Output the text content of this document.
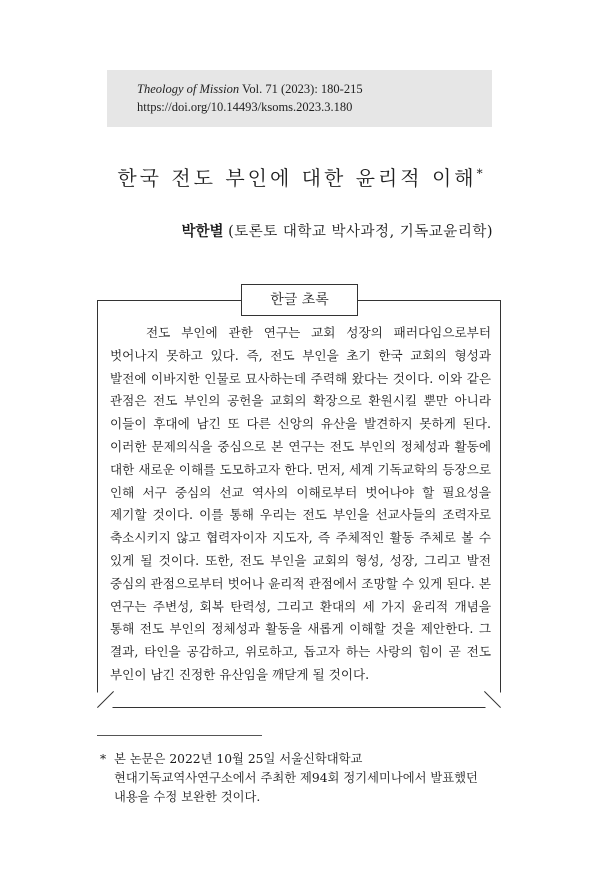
Theology of Mission Vol. 71 (2023): 180-215
https://doi.org/10.14493/ksoms.2023.3.180
한국 전도 부인에 대한 윤리적 이해*
박한별 (토론토 대학교 박사과정, 기독교윤리학)
한글 초록
전도 부인에 관한 연구는 교회 성장의 패러다임으로부터 벗어나지 못하고 있다. 즉, 전도 부인을 초기 한국 교회의 형성과 발전에 이바지한 인물로 묘사하는데 주력해 왔다는 것이다. 이와 같은 관점은 전도 부인의 공헌을 교회의 확장으로 환원시킬 뿐만 아니라 이들이 후대에 남긴 또 다른 신앙의 유산을 발견하지 못하게 된다. 이러한 문제의식을 중심으로 본 연구는 전도 부인의 정체성과 활동에 대한 새로운 이해를 도모하고자 한다. 먼저, 세계 기독교학의 등장으로 인해 서구 중심의 선교 역사의 이해로부터 벗어나야 할 필요성을 제기할 것이다. 이를 통해 우리는 전도 부인을 선교사들의 조력자로 축소시키지 않고 협력자이자 지도자, 즉 주체적인 활동 주체로 볼 수 있게 될 것이다. 또한, 전도 부인을 교회의 형성, 성장, 그리고 발전 중심의 관점으로부터 벗어나 윤리적 관점에서 조망할 수 있게 된다. 본 연구는 주변성, 회복 탄력성, 그리고 환대의 세 가지 윤리적 개념을 통해 전도 부인의 정체성과 활동을 새롭게 이해할 것을 제안한다. 그 결과, 타인을 공감하고, 위로하고, 돕고자 하는 사랑의 힘이 곧 전도 부인이 남긴 진정한 유산임을 깨닫게 될 것이다.
* 본 논문은 2022년 10월 25일 서울신학대학교 현대기독교역사연구소에서 주최한 제94회 정기세미나에서 발표했던 내용을 수정 보완한 것이다.
